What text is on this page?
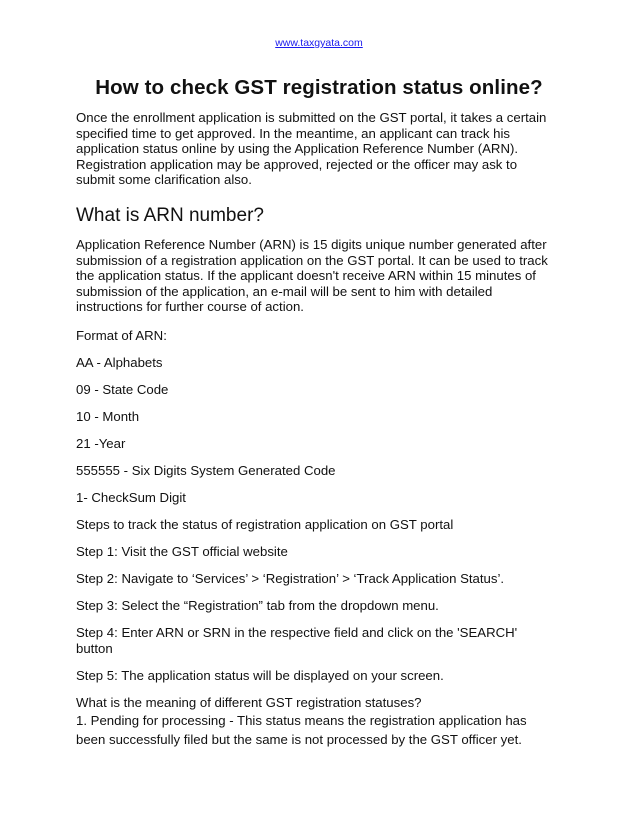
www.taxgyata.com
How to check GST registration status online?

Once the enrollment application is submitted on the GST portal, it takes a certain specified time to get approved. In the meantime, an applicant can track his application status online by using the Application Reference Number (ARN). Registration application may be approved, rejected or the officer may ask to submit some clarification also.

What is ARN number?

Application Reference Number (ARN) is 15 digits unique number generated after submission of a registration application on the GST portal. It can be used to track the application status. If the applicant doesn't receive ARN within 15 minutes of submission of the application, an e-mail will be sent to him with detailed instructions for further course of action.

Format of ARN:

AA - Alphabets

09 - State Code

10 - Month

21 -Year

555555 - Six Digits System Generated Code

1- CheckSum Digit

Steps to track the status of registration application on GST portal

Step 1: Visit the GST official website

Step 2: Navigate to ‘Services’ > ‘Registration’ > ‘Track Application Status’.

Step 3: Select the “Registration” tab from the dropdown menu.

Step 4: Enter ARN or SRN in the respective field and click on the 'SEARCH' button

Step 5: The application status will be displayed on your screen.

What is the meaning of different GST registration statuses?

1. Pending for processing - This status means the registration application has been successfully filed but the same is not processed by the GST officer yet.
